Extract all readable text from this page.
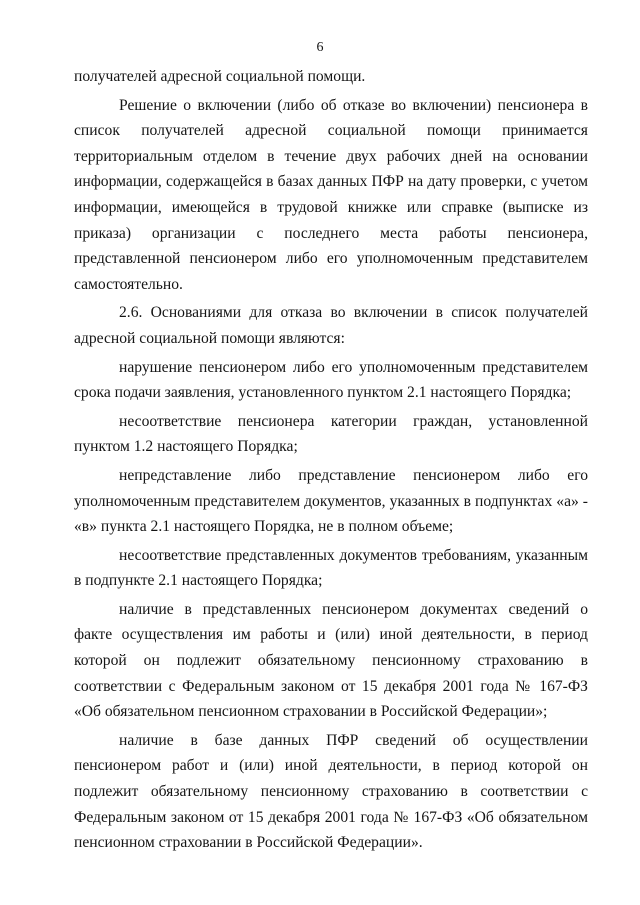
6

получателей адресной социальной помощи.

Решение о включении (либо об отказе во включении) пенсионера в список получателей адресной социальной помощи принимается территориальным отделом в течение двух рабочих дней на основании информации, содержащейся в базах данных ПФР на дату проверки, с учетом информации, имеющейся в трудовой книжке или справке (выписке из приказа) организации с последнего места работы пенсионера, представленной пенсионером либо его уполномоченным представителем самостоятельно.

2.6. Основаниями для отказа во включении в список получателей адресной социальной помощи являются:

нарушение пенсионером либо его уполномоченным представителем срока подачи заявления, установленного пунктом 2.1 настоящего Порядка;

несоответствие пенсионера категории граждан, установленной пунктом 1.2 настоящего Порядка;

непредставление либо представление пенсионером либо его уполномоченным представителем документов, указанных в подпунктах «а» - «в» пункта 2.1 настоящего Порядка, не в полном объеме;

несоответствие представленных документов требованиям, указанным в подпункте 2.1 настоящего Порядка;

наличие в представленных пенсионером документах сведений о факте осуществления им работы и (или) иной деятельности, в период которой он подлежит обязательному пенсионному страхованию в соответствии с Федеральным законом от 15 декабря 2001 года № 167-ФЗ «Об обязательном пенсионном страховании в Российской Федерации»;

наличие в базе данных ПФР сведений об осуществлении пенсионером работ и (или) иной деятельности, в период которой он подлежит обязательному пенсионному страхованию в соответствии с Федеральным законом от 15 декабря 2001 года № 167-ФЗ «Об обязательном пенсионном страховании в Российской Федерации».
